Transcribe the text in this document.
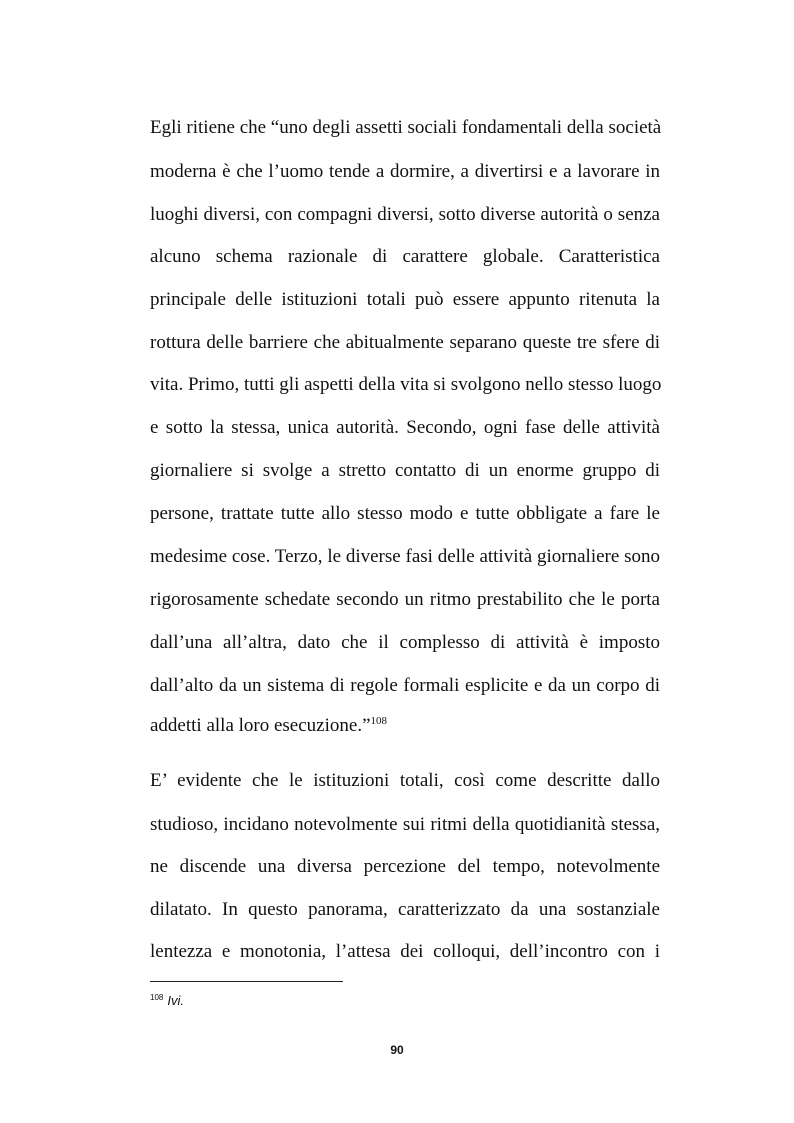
Egli ritiene che “uno degli assetti sociali fondamentali della società
moderna è che l’uomo tende a dormire, a divertirsi e a lavorare in
luoghi diversi, con compagni diversi, sotto diverse autorità o senza
alcuno schema razionale di carattere globale. Caratteristica
principale delle istituzioni totali può essere appunto ritenuta la
rottura delle barriere che abitualmente separano queste tre sfere di
vita. Primo, tutti gli aspetti della vita si svolgono nello stesso luogo
e sotto la stessa, unica autorità. Secondo, ogni fase delle attività
giornaliere si svolge a stretto contatto di un enorme gruppo di
persone, trattate tutte allo stesso modo e tutte obbligate a fare le
medesime cose. Terzo, le diverse fasi delle attività giornaliere sono
rigorosamente schedate secondo un ritmo prestabilito che le porta
dall’una all’altra, dato che il complesso di attività è imposto
dall’alto da un sistema di regole formali esplicite e da un corpo di
addetti alla loro esecuzione.”$^{108}$
E’ evidente che le istituzioni totali, così come descritte dallo
studioso, incidano notevolmente sui ritmi della quotidianità stessa,
ne discende una diversa percezione del tempo, notevolmente
dilatato. In questo panorama, caratterizzato da una sostanziale
lentezza e monotonia, l’attesa dei colloqui, dell’incontro con i
$^{108}$ Ivi.
90
